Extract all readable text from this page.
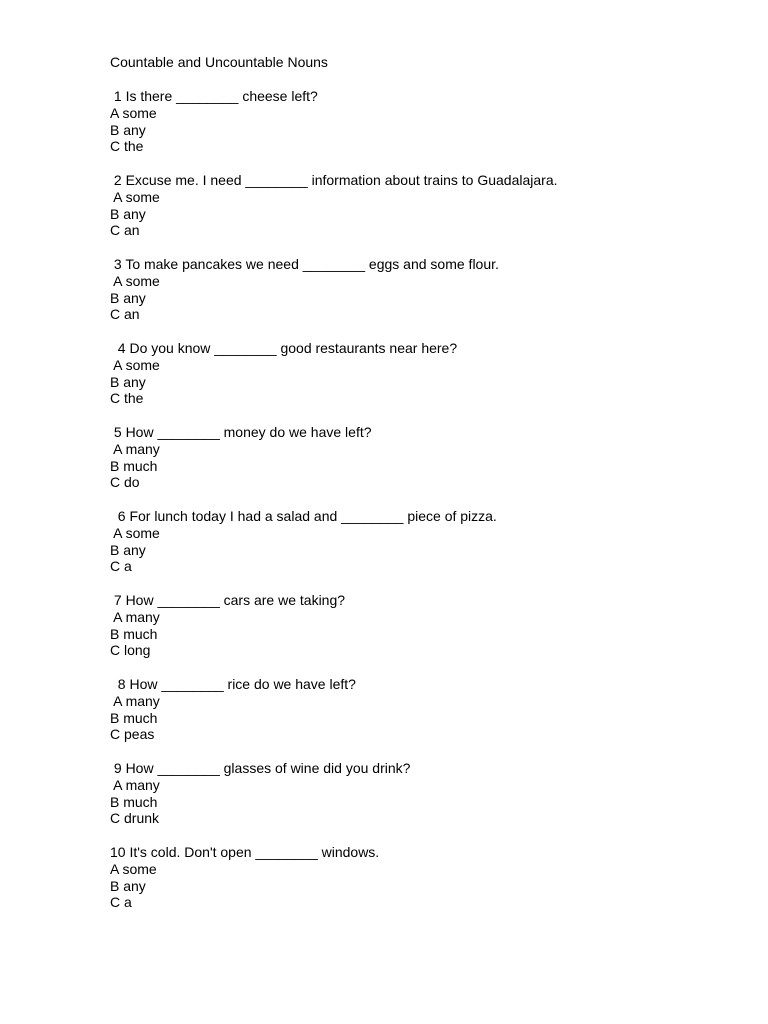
Countable and Uncountable Nouns
1 Is there ________ cheese left?
A some
B any
C the
2 Excuse me. I need ________ information about trains to Guadalajara.
A some
B any
C an
3 To make pancakes we need ________ eggs and some flour.
A some
B any
C an
4 Do you know ________ good restaurants near here?
A some
B any
C the
5 How ________ money do we have left?
A many
B much
C do
6 For lunch today I had a salad and ________ piece of pizza.
A some
B any
C a
7 How ________ cars are we taking?
A many
B much
C long
8 How ________ rice do we have left?
A many
B much
C peas
9 How ________ glasses of wine did you drink?
A many
B much
C drunk
10 It's cold. Don't open ________ windows.
A some
B any
C a
